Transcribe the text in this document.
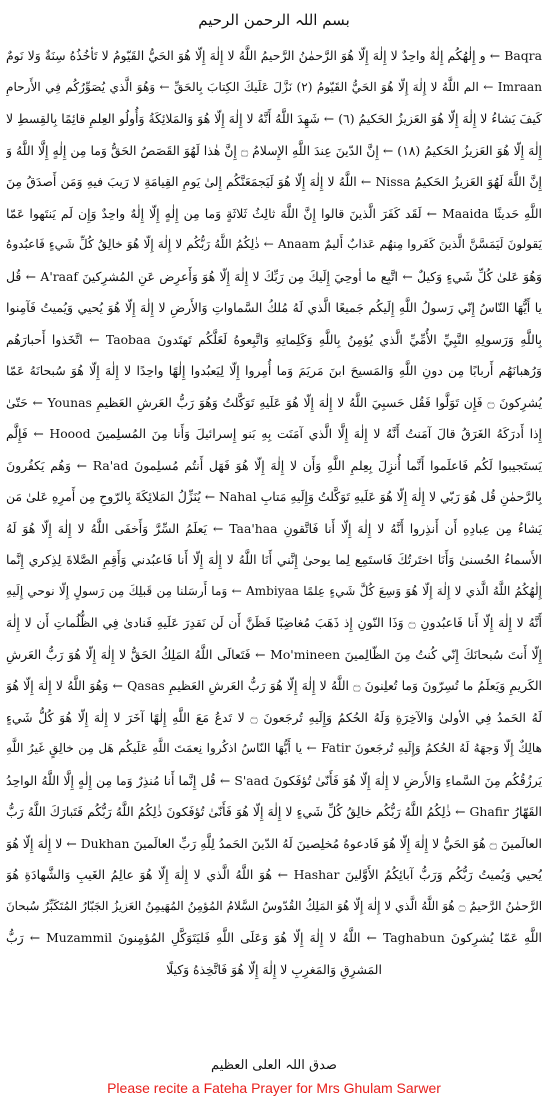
بسم اللہ الرحمن الرحیم
Baqra ← و إِلٰهُكُم إِلٰهٌ واحِدٌ لا إِلٰهَ إِلّا هُوَ الرَّحمٰنُ الرَّحيمُ اللَّهُ لا إِلٰهَ إِلّا هُوَ الحَيُّ القَيّومُ لا تَأخُذُهُ سِنَةٌ وَلا نَومٌ
Imraan ← الم اللَّهُ لا إِلٰهَ إِلّا هُوَ الحَيُّ القَيّومُ (٢) نَزَّلَ عَلَيكَ الكِتابَ بِالحَقِّ ← وَهُوَ الَّذي يُصَوِّرُكُم فِي الأَرحامِ
كَيفَ يَشاءُ لا إِلٰهَ إِلّا هُوَ العَزيزُ الحَكيمُ (٦) ← شَهِدَ اللَّهُ أَنَّهُ لا إِلٰهَ إِلّا هُوَ وَالمَلائِكَةُ وَأُولُو العِلمِ قائِمًا بِالقِسطِ لا
إِلٰهَ إِلّا هُوَ العَزيزُ الحَكيمُ (١٨) ← إِنَّ الدّينَ عِندَ اللَّهِ الإِسلامُ ۝ إِنَّ هٰذا لَهُوَ القَصَصُ الحَقُّ وَما مِن إِلٰهٍ إِلَّا اللَّهُ وَ
إِنَّ اللَّهَ لَهُوَ العَزيزُ الحَكيمُ Nissa ← اللَّهُ لا إِلٰهَ إِلّا هُوَ لَيَجمَعَنَّكُم إِلىٰ يَومِ القِيامَةِ لا رَيبَ فيهِ وَمَن أَصدَقُ مِنَ
اللَّهِ حَديثًا Maaida ← لَقَد كَفَرَ الَّذينَ قالوا إِنَّ اللَّهَ ثالِثُ ثَلاثَةٍ وَما مِن إِلٰهٍ إِلّا إِلٰهٌ واحِدٌ وَإِن لَم يَنتَهوا عَمّا
يَقولونَ لَيَمَسَّنَّ الَّذينَ كَفَروا مِنهُم عَذابٌ أَليمٌ Anaam ← ذٰلِكُمُ اللَّهُ رَبُّكُم لا إِلٰهَ إِلّا هُوَ خالِقُ كُلِّ شَيءٍ فَاعبُدوهُ
وَهُوَ عَلىٰ كُلِّ شَيءٍ وَكيلٌ ← اتَّبِع ما أوحِيَ إِلَيكَ مِن رَبِّكَ لا إِلٰهَ إِلّا هُوَ وَأَعرِض عَنِ المُشرِكينَ A'raaf ← قُل
يا أَيُّهَا النّاسُ إِنّي رَسولُ اللَّهِ إِلَيكُم جَميعًا الَّذي لَهُ مُلكُ السَّماواتِ وَالأَرضِ لا إِلٰهَ إِلّا هُوَ يُحيي وَيُميتُ فَآمِنوا
بِاللَّهِ وَرَسولِهِ النَّبِيِّ الأُمِّيِّ الَّذي يُؤمِنُ بِاللَّهِ وَكَلِماتِهِ وَاتَّبِعوهُ لَعَلَّكُم تَهتَدونَ Taobaa ← اتَّخَذوا أَحبارَهُم
وَرُهبانَهُم أَربابًا مِن دونِ اللَّهِ وَالمَسيحَ ابنَ مَريَمَ وَما أُمِروا إِلّا لِيَعبُدوا إِلٰهًا واحِدًا لا إِلٰهَ إِلّا هُوَ سُبحانَهُ عَمّا
يُشرِكونَ ۝ فَإِن تَوَلَّوا فَقُل حَسبِيَ اللَّهُ لا إِلٰهَ إِلّا هُوَ عَلَيهِ تَوَكَّلتُ وَهُوَ رَبُّ العَرشِ العَظيمِ Younas ← حَتّىٰ
إِذا أَدرَكَهُ الغَرَقُ قالَ آمَنتُ أَنَّهُ لا إِلٰهَ إِلَّا الَّذي آمَنَت بِهِ بَنو إِسرائيلَ وَأَنا مِنَ المُسلِمينَ Hoood ← فَإِلَّم
يَستَجيبوا لَكُم فَاعلَموا أَنَّما أُنزِلَ بِعِلمِ اللَّهِ وَأَن لا إِلٰهَ إِلّا هُوَ فَهَل أَنتُم مُسلِمونَ Ra'ad ← وَهُم يَكفُرونَ
بِالرَّحمٰنِ قُل هُوَ رَبّي لا إِلٰهَ إِلّا هُوَ عَلَيهِ تَوَكَّلتُ وَإِلَيهِ مَتابِ Nahal ← يُنَزِّلُ المَلائِكَةَ بِالرّوحِ مِن أَمرِهِ عَلىٰ مَن
يَشاءُ مِن عِبادِهِ أَن أَنذِروا أَنَّهُ لا إِلٰهَ إِلّا أَنا فَاتَّقونِ Taa'haa ← يَعلَمُ السِّرَّ وَأَخفَى اللَّهُ لا إِلٰهَ إِلّا هُوَ لَهُ
الأَسماءُ الحُسنىٰ وَأَنَا اختَرتُكَ فَاستَمِع لِما يوحىٰ إِنَّني أَنَا اللَّهُ لا إِلٰهَ إِلّا أَنا فَاعبُدني وَأَقِمِ الصَّلاةَ لِذِكري إِنَّما
إِلٰهُكُمُ اللَّهُ الَّذي لا إِلٰهَ إِلّا هُوَ وَسِعَ كُلَّ شَيءٍ عِلمًا Ambiyaa ← وَما أَرسَلنا مِن قَبلِكَ مِن رَسولٍ إِلّا نوحي إِلَيهِ
أَنَّهُ لا إِلٰهَ إِلّا أَنا فَاعبُدونِ ۝ وَذَا النّونِ إِذ ذَهَبَ مُغاضِبًا فَظَنَّ أَن لَن نَقدِرَ عَلَيهِ فَنادىٰ فِي الظُّلُماتِ أَن لا إِلٰهَ
إِلّا أَنتَ سُبحانَكَ إِنّي كُنتُ مِنَ الظّالِمينَ Mo'mineen ← فَتَعالَى اللَّهُ المَلِكُ الحَقُّ لا إِلٰهَ إِلّا هُوَ رَبُّ العَرشِ
الكَريمِ وَيَعلَمُ ما تُسِرّونَ وَما تُعلِنونَ ۝ اللَّهُ لا إِلٰهَ إِلّا هُوَ رَبُّ العَرشِ العَظيمِ Qasas ← وَهُوَ اللَّهُ لا إِلٰهَ إِلّا هُوَ
لَهُ الحَمدُ فِي الأولىٰ وَالآخِرَةِ وَلَهُ الحُكمُ وَإِلَيهِ تُرجَعونَ ۝ لا تَدعُ مَعَ اللَّهِ إِلٰهًا آخَرَ لا إِلٰهَ إِلّا هُوَ كُلُّ شَيءٍ
هالِكٌ إِلّا وَجهَهُ لَهُ الحُكمُ وَإِلَيهِ تُرجَعونَ Fatir ← يا أَيُّهَا النّاسُ اذكُروا نِعمَتَ اللَّهِ عَلَيكُم هَل مِن خالِقٍ غَيرُ اللَّهِ
يَرزُقُكُم مِنَ السَّماءِ وَالأَرضِ لا إِلٰهَ إِلّا هُوَ فَأَنّىٰ تُؤفَكونَ S'aad ← قُل إِنَّما أَنا مُنذِرٌ وَما مِن إِلٰهٍ إِلَّا اللَّهُ الواحِدُ
القَهّارُ Ghafir ← ذٰلِكُمُ اللَّهُ رَبُّكُم خالِقُ كُلِّ شَيءٍ لا إِلٰهَ إِلّا هُوَ فَأَنّىٰ تُؤفَكونَ ذٰلِكُمُ اللَّهُ رَبُّكُم فَتَبارَكَ اللَّهُ رَبُّ
العالَمينَ ۝ هُوَ الحَيُّ لا إِلٰهَ إِلّا هُوَ فَادعوهُ مُخلِصينَ لَهُ الدّينَ الحَمدُ لِلَّهِ رَبِّ العالَمينَ Dukhan ← لا إِلٰهَ إِلّا هُوَ
يُحيي وَيُميتُ رَبُّكُم وَرَبُّ آبائِكُمُ الأَوَّلينَ Hashar ← هُوَ اللَّهُ الَّذي لا إِلٰهَ إِلّا هُوَ عالِمُ الغَيبِ وَالشَّهادَةِ هُوَ
الرَّحمٰنُ الرَّحيمُ ۝ هُوَ اللَّهُ الَّذي لا إِلٰهَ إِلّا هُوَ المَلِكُ القُدّوسُ السَّلامُ المُؤمِنُ المُهَيمِنُ العَزيزُ الجَبّارُ المُتَكَبِّرُ سُبحانَ
اللَّهِ عَمّا يُشرِكونَ Taghabun ← اللَّهُ لا إِلٰهَ إِلّا هُوَ وَعَلَى اللَّهِ فَليَتَوَكَّلِ المُؤمِنونَ Muzammil ← رَبُّ
المَشرِقِ وَالمَغرِبِ لا إِلٰهَ إِلّا هُوَ فَاتَّخِذهُ وَكيلًا
صدق اللہ العلی العظیم
Please recite a Fateha Prayer for Mrs Ghulam Sarwer
